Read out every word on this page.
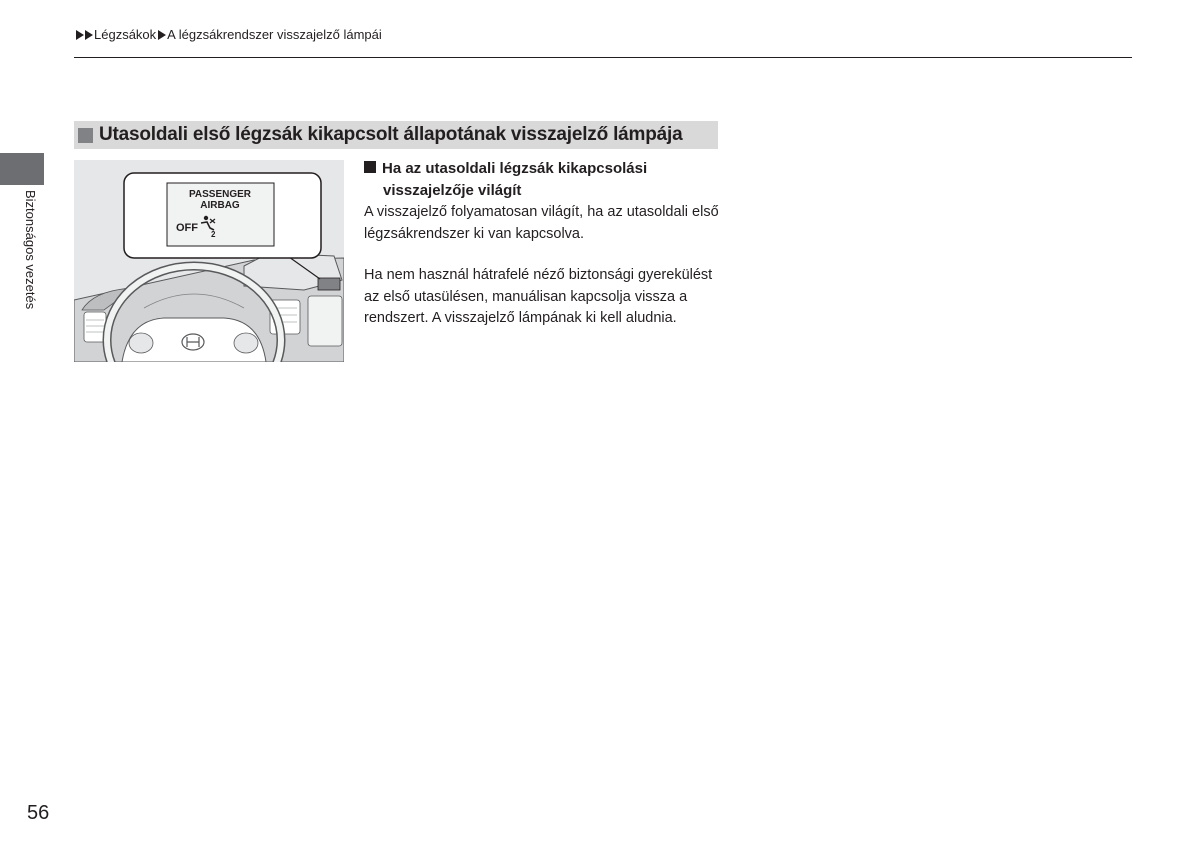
Légzsákok A légzsákrendszer visszajelző lámpái
Biztonságos vezetés
Utasoldali első légzsák kikapcsolt állapotának visszajelző lámpája
PASSENGER
AIRBAG
OFF
2
Ha az utasoldali légzsák kikapcsolási
visszajelzője világít

A visszajelző folyamatosan világít, ha az utasoldali első légzsákrendszer ki van kapcsolva.

Ha nem használ hátrafelé néző biztonsági gyerekülést az első utasülésen, manuálisan kapcsolja vissza a rendszert. A visszajelző lámpának ki kell aludnia.

56
